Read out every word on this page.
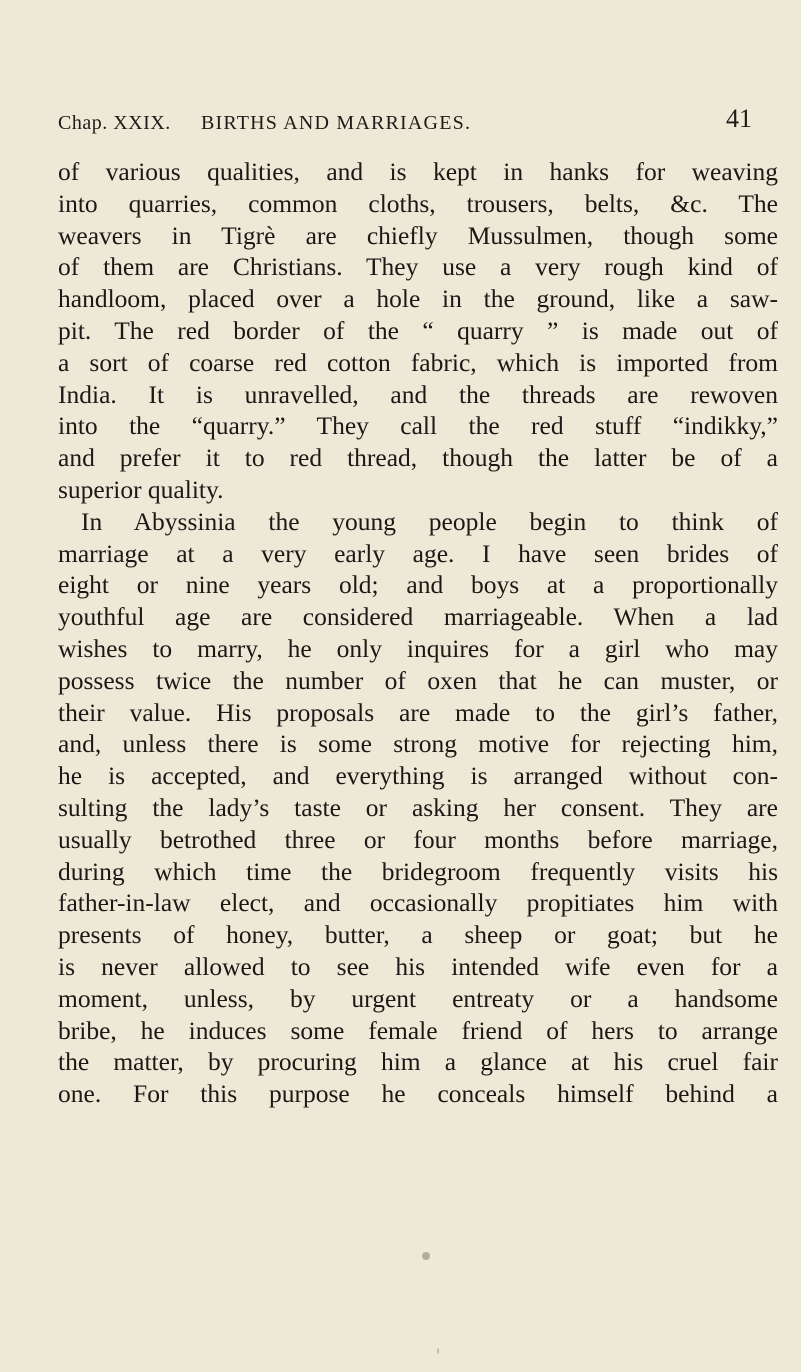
Chap. XXIX. BIRTHS AND MARRIAGES.	41
of various qualities, and is kept in hanks for weaving
into quarries, common cloths, trousers, belts, &c. The
weavers in Tigrè are chiefly Mussulmen, though some
of them are Christians. They use a very rough kind of
handloom, placed over a hole in the ground, like a saw-
pit. The red border of the “ quarry ” is made out of
a sort of coarse red cotton fabric, which is imported from
India. It is unravelled, and the threads are rewoven
into the “quarry.” They call the red stuff “indikky,”
and prefer it to red thread, though the latter be of a
superior quality.
In Abyssinia the young people begin to think of
marriage at a very early age. I have seen brides of
eight or nine years old; and boys at a proportionally
youthful age are considered marriageable. When a lad
wishes to marry, he only inquires for a girl who may
possess twice the number of oxen that he can muster, or
their value. His proposals are made to the girl’s father,
and, unless there is some strong motive for rejecting him,
he is accepted, and everything is arranged without con-
sulting the lady’s taste or asking her consent. They are
usually betrothed three or four months before marriage,
during which time the bridegroom frequently visits his
father-in-law elect, and occasionally propitiates him with
presents of honey, butter, a sheep or goat; but he
is never allowed to see his intended wife even for a
moment, unless, by urgent entreaty or a handsome
bribe, he induces some female friend of hers to arrange
the matter, by procuring him a glance at his cruel fair
one. For this purpose he conceals himself behind a
